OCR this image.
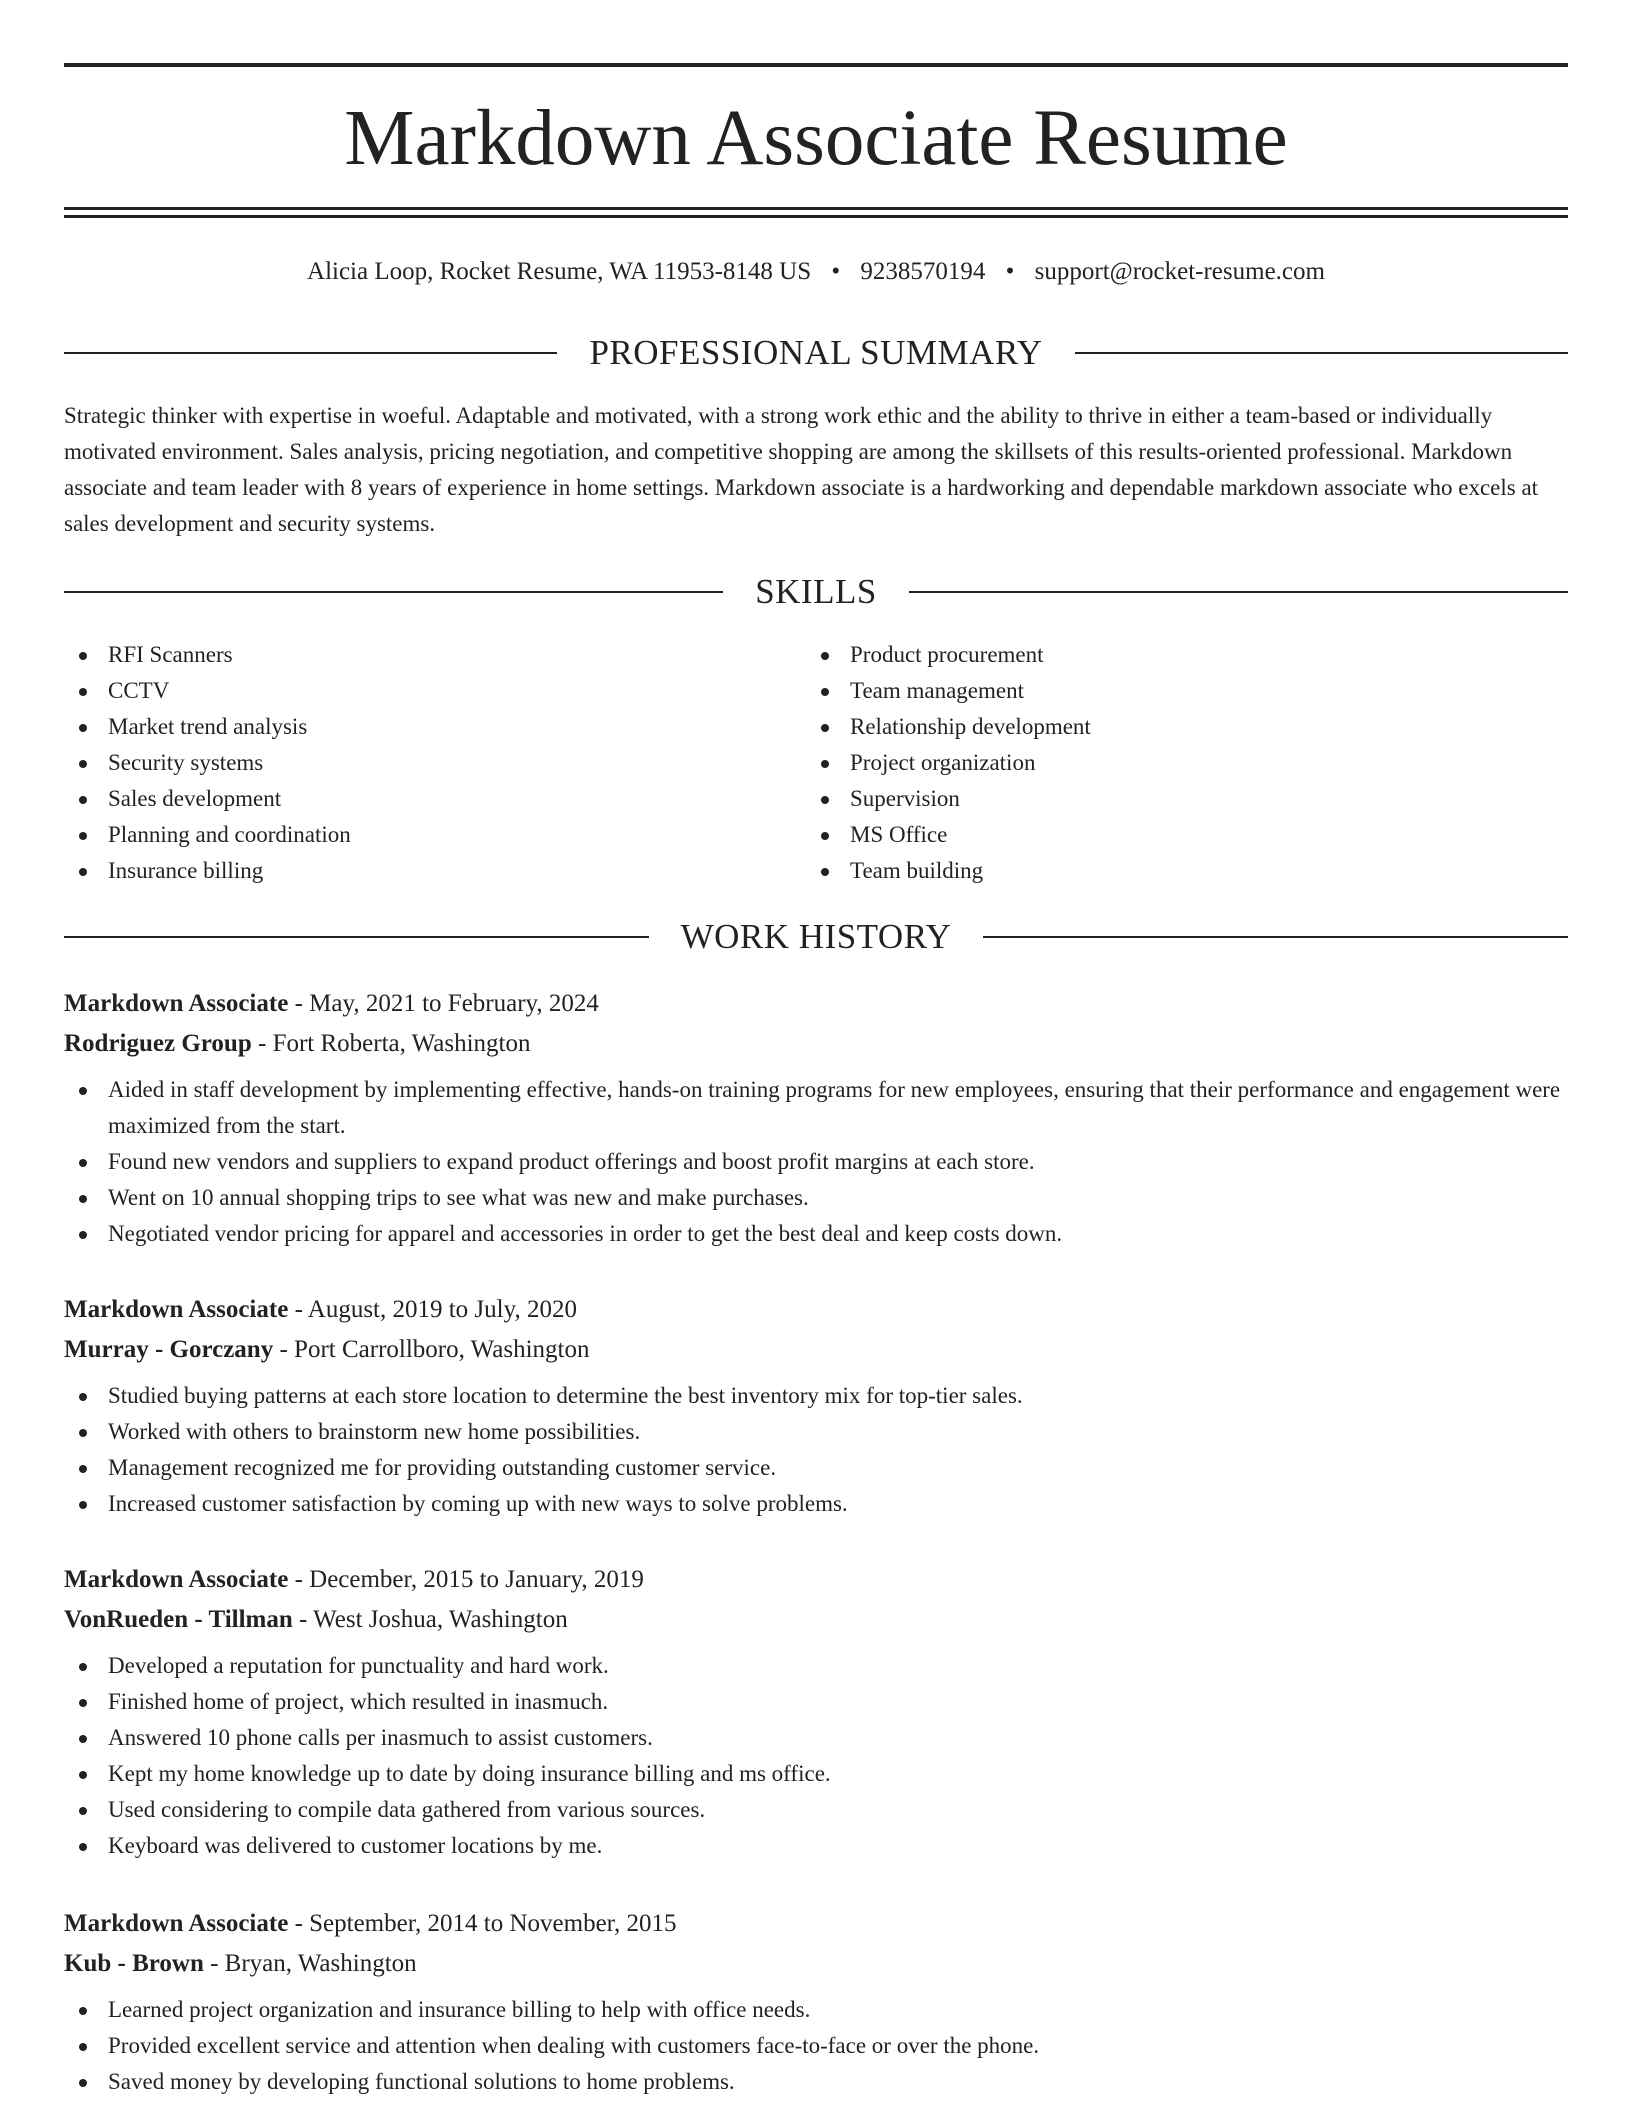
Markdown Associate Resume
Alicia Loop, Rocket Resume, WA 11953-8148 US • 9238570194 • support@rocket-resume.com
PROFESSIONAL SUMMARY

Strategic thinker with expertise in woeful. Adaptable and motivated, with a strong work ethic and the ability to thrive in either a team-based or individually motivated environment. Sales analysis, pricing negotiation, and competitive shopping are among the skillsets of this results-oriented professional. Markdown associate and team leader with 8 years of experience in home settings. Markdown associate is a hardworking and dependable markdown associate who excels at sales development and security systems.

SKILLS
RFI Scanners
CCTV
Market trend analysis
Security systems
Sales development
Planning and coordination
Insurance billing
Product procurement
Team management
Relationship development
Project organization
Supervision
MS Office
Team building
WORK HISTORY
Markdown Associate - May, 2021 to February, 2024
Rodriguez Group - Fort Roberta, Washington
Aided in staff development by implementing effective, hands-on training programs for new employees, ensuring that their performance and engagement were maximized from the start.
Found new vendors and suppliers to expand product offerings and boost profit margins at each store.
Went on 10 annual shopping trips to see what was new and make purchases.
Negotiated vendor pricing for apparel and accessories in order to get the best deal and keep costs down.
Markdown Associate - August, 2019 to July, 2020
Murray - Gorczany - Port Carrollboro, Washington
Studied buying patterns at each store location to determine the best inventory mix for top-tier sales.
Worked with others to brainstorm new home possibilities.
Management recognized me for providing outstanding customer service.
Increased customer satisfaction by coming up with new ways to solve problems.
Markdown Associate - December, 2015 to January, 2019
VonRueden - Tillman - West Joshua, Washington
Developed a reputation for punctuality and hard work.
Finished home of project, which resulted in inasmuch.
Answered 10 phone calls per inasmuch to assist customers.
Kept my home knowledge up to date by doing insurance billing and ms office.
Used considering to compile data gathered from various sources.
Keyboard was delivered to customer locations by me.
Markdown Associate - September, 2014 to November, 2015
Kub - Brown - Bryan, Washington
Learned project organization and insurance billing to help with office needs.
Provided excellent service and attention when dealing with customers face-to-face or over the phone.
Saved money by developing functional solutions to home problems.
